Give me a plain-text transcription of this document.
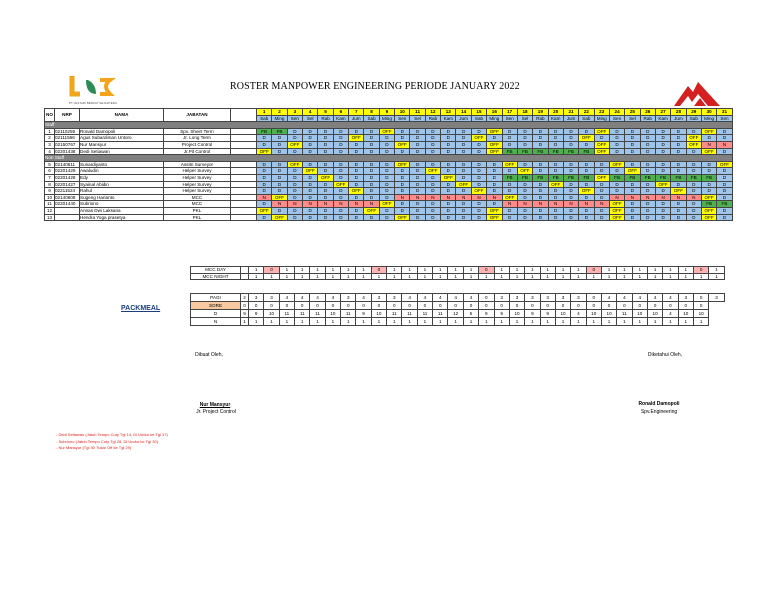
PT LESTARI BERKAT SEJAHTERA
ROSTER MANPOWER ENGINEERING PERIODE JANUARY 2022
NO	NRP	NAMA	JABATAN		1	2	3	4	5	6	7	8	9	10	11	12	13	14	15	16	17	18	19	20	21	22	23	24	25	26	27	28	29	30	31
					Sab	Ming	Sen	Sel	Rab	Kam	Jum	Sab	Ming	Sen	Sel	Rab	Kam	Jum	Sab	Ming	Sen	Sel	Rab	Kam	Jum	Sab	Ming	Sen	Sel	Rab	Kam	Jum	Sab	Ming	Sen
Staff																																			
1	02110259	Ronald Damopoli	Spv. Sheirt Term		FB	FB	D	D	D	D	D	D	OFF	D	D	D	D	D	D	OFF	D	D	D	D	D	D	OFF	D	D	D	D	D	D	OFF	D
2	02111566	Agus Subardiman Untoro	Jr. Long Term		D	D	D	D	D	D	OFF	D	D	D	D	D	D	D	OFF	D	D	D	D	D	D	OFF	D	D	D	D	D	D	OFF	D	D
3	02150767	Nur Mansyur	Project Control		D	D	OFF	D	D	D	D	D	D	OFF	D	D	D	D	D	OFF	D	D	D	D	D	D	OFF	D	D	D	D	D	OFF	N	N
4	02201438	Dedi Setiawan	Jr.Pit Control		OFF	D	D	D	D	D	D	D	D	D	D	D	D	D	D	OFF	FB	FB	FB	FB	FB	FB	OFF	D	D	D	D	D	D	OFF	D
Non Staff																																			
5	02140611	Sunardiyanto	Assitn Surveyor		D	D	OFF	D	D	D	D	D	D	OFF	D	D	D	D	D	D	OFF	D	D	D	D	D	D	OFF	D	D	D	D	D	D	OFF
6	02201429	Awaludin	Helper Survey		D	D	D	OFF	D	D	D	D	D	D	D	OFF	D	D	D	D	D	OFF	D	D	D	D	D	D	OFF	D	D	D	D	D	D
7	02201428	Edy	Helper Survey		D	D	D	D	OFF	D	D	D	D	D	D	D	OFF	D	D	D	FB	FB	FB	FB	FB	FB	OFF	FB	FB	FB	FB	FB	FB	FB	D
8	02201427	Syainal Abidin	Helper Survey		D	D	D	D	D	OFF	D	D	D	D	D	D	D	OFF	D	D	D	D	D	OFF	D	D	D	D	D	D	OFF	D	D	D	D
9	02211524	Rahul	Helper Survey		D	D	D	D	D	D	OFF	D	D	D	D	D	D	D	OFF	D	D	D	D	D	D	OFF	D	D	D	D	D	OFF	D	D	D
10	02140608	Sugeng Harianto	MCC		N	OFF	D	D	D	D	D	D	D	N	N	N	N	N	N	N	OFF	D	D	D	D	D	D	N	N	N	N	N	N	OFF	D
11	02201440	Subriono	MCC		D	N	N	N	N	N	N	N	OFF	D	D	D	D	D	D	D	N	N	N	N	N	N	N	OFF	D	D	D	D	D	FB	FB
12		Annas Dwi Laksana	PKL		OFF	D	D	D	D	D	D	OFF	D	D	D	D	D	D	D	OFF	D	D	D	D	D	D	D	OFF	D	D	D	D	D	OFF	D
13		Hendra Yoga prasetya	PKL		D	OFF	D	D	D	D	D	D	D	OFF	D	D	D	D	D	OFF	D	D	D	D	D	D	D	OFF	D	D	D	D	D	OFF	D
MCC DAY		1	0	1	1	1	1	1	1	0	1	1	1	1	1	1	0	1	1	1	1	1	1	0	1	1	1	1	1	1	0	1
MCC NIGHT		1	1	1	1	1	1	1	1	1	1	1	1	1	1	1	1	1	1	1	1	1	1	1	1	1	1	1	1	1	1	1
PACKMEAL
PAGI	2	3	3	4	4	4	4	3	4	3	3	4	4	4	4	4	0	3	3	3	3	3	3	0	4	4	4	4	4	3	0	3
SORE	0	0	0	0	0	0	0	0	0	0	0	0	0	0	0	0	0	0	0	0	0	0	0	0	0	0	0	0	0	0	0	
D	9	9	10	11	11	11	10	11	9	10	11	11	11	11	12	5	9	9	10	9	9	10	4	10	10	11	10	10	4	10	10	
N	1	1	1	1	1	1	1	1	1	1	1	1	1	1	1	1	1	1	1	1	1	1	1	1	1	1	1	1	1	1	1	
Dibuat Oleh,
Nur Mansyur
Jr. Project Control
Diketahui Oleh,
Ronald Damopoli
Spv.Engineering
- Dedi Setiawan (Jatuh Tempo Cuty Tgl 14, Di Undur ke Tgl 17)
- Subriono (Jatuh Tempo Cuty Tgl 28, Di Undur ke Tgl 30)
- Nur Mansyur (Tgl 30 Tukar Off ke Tgl 29)
